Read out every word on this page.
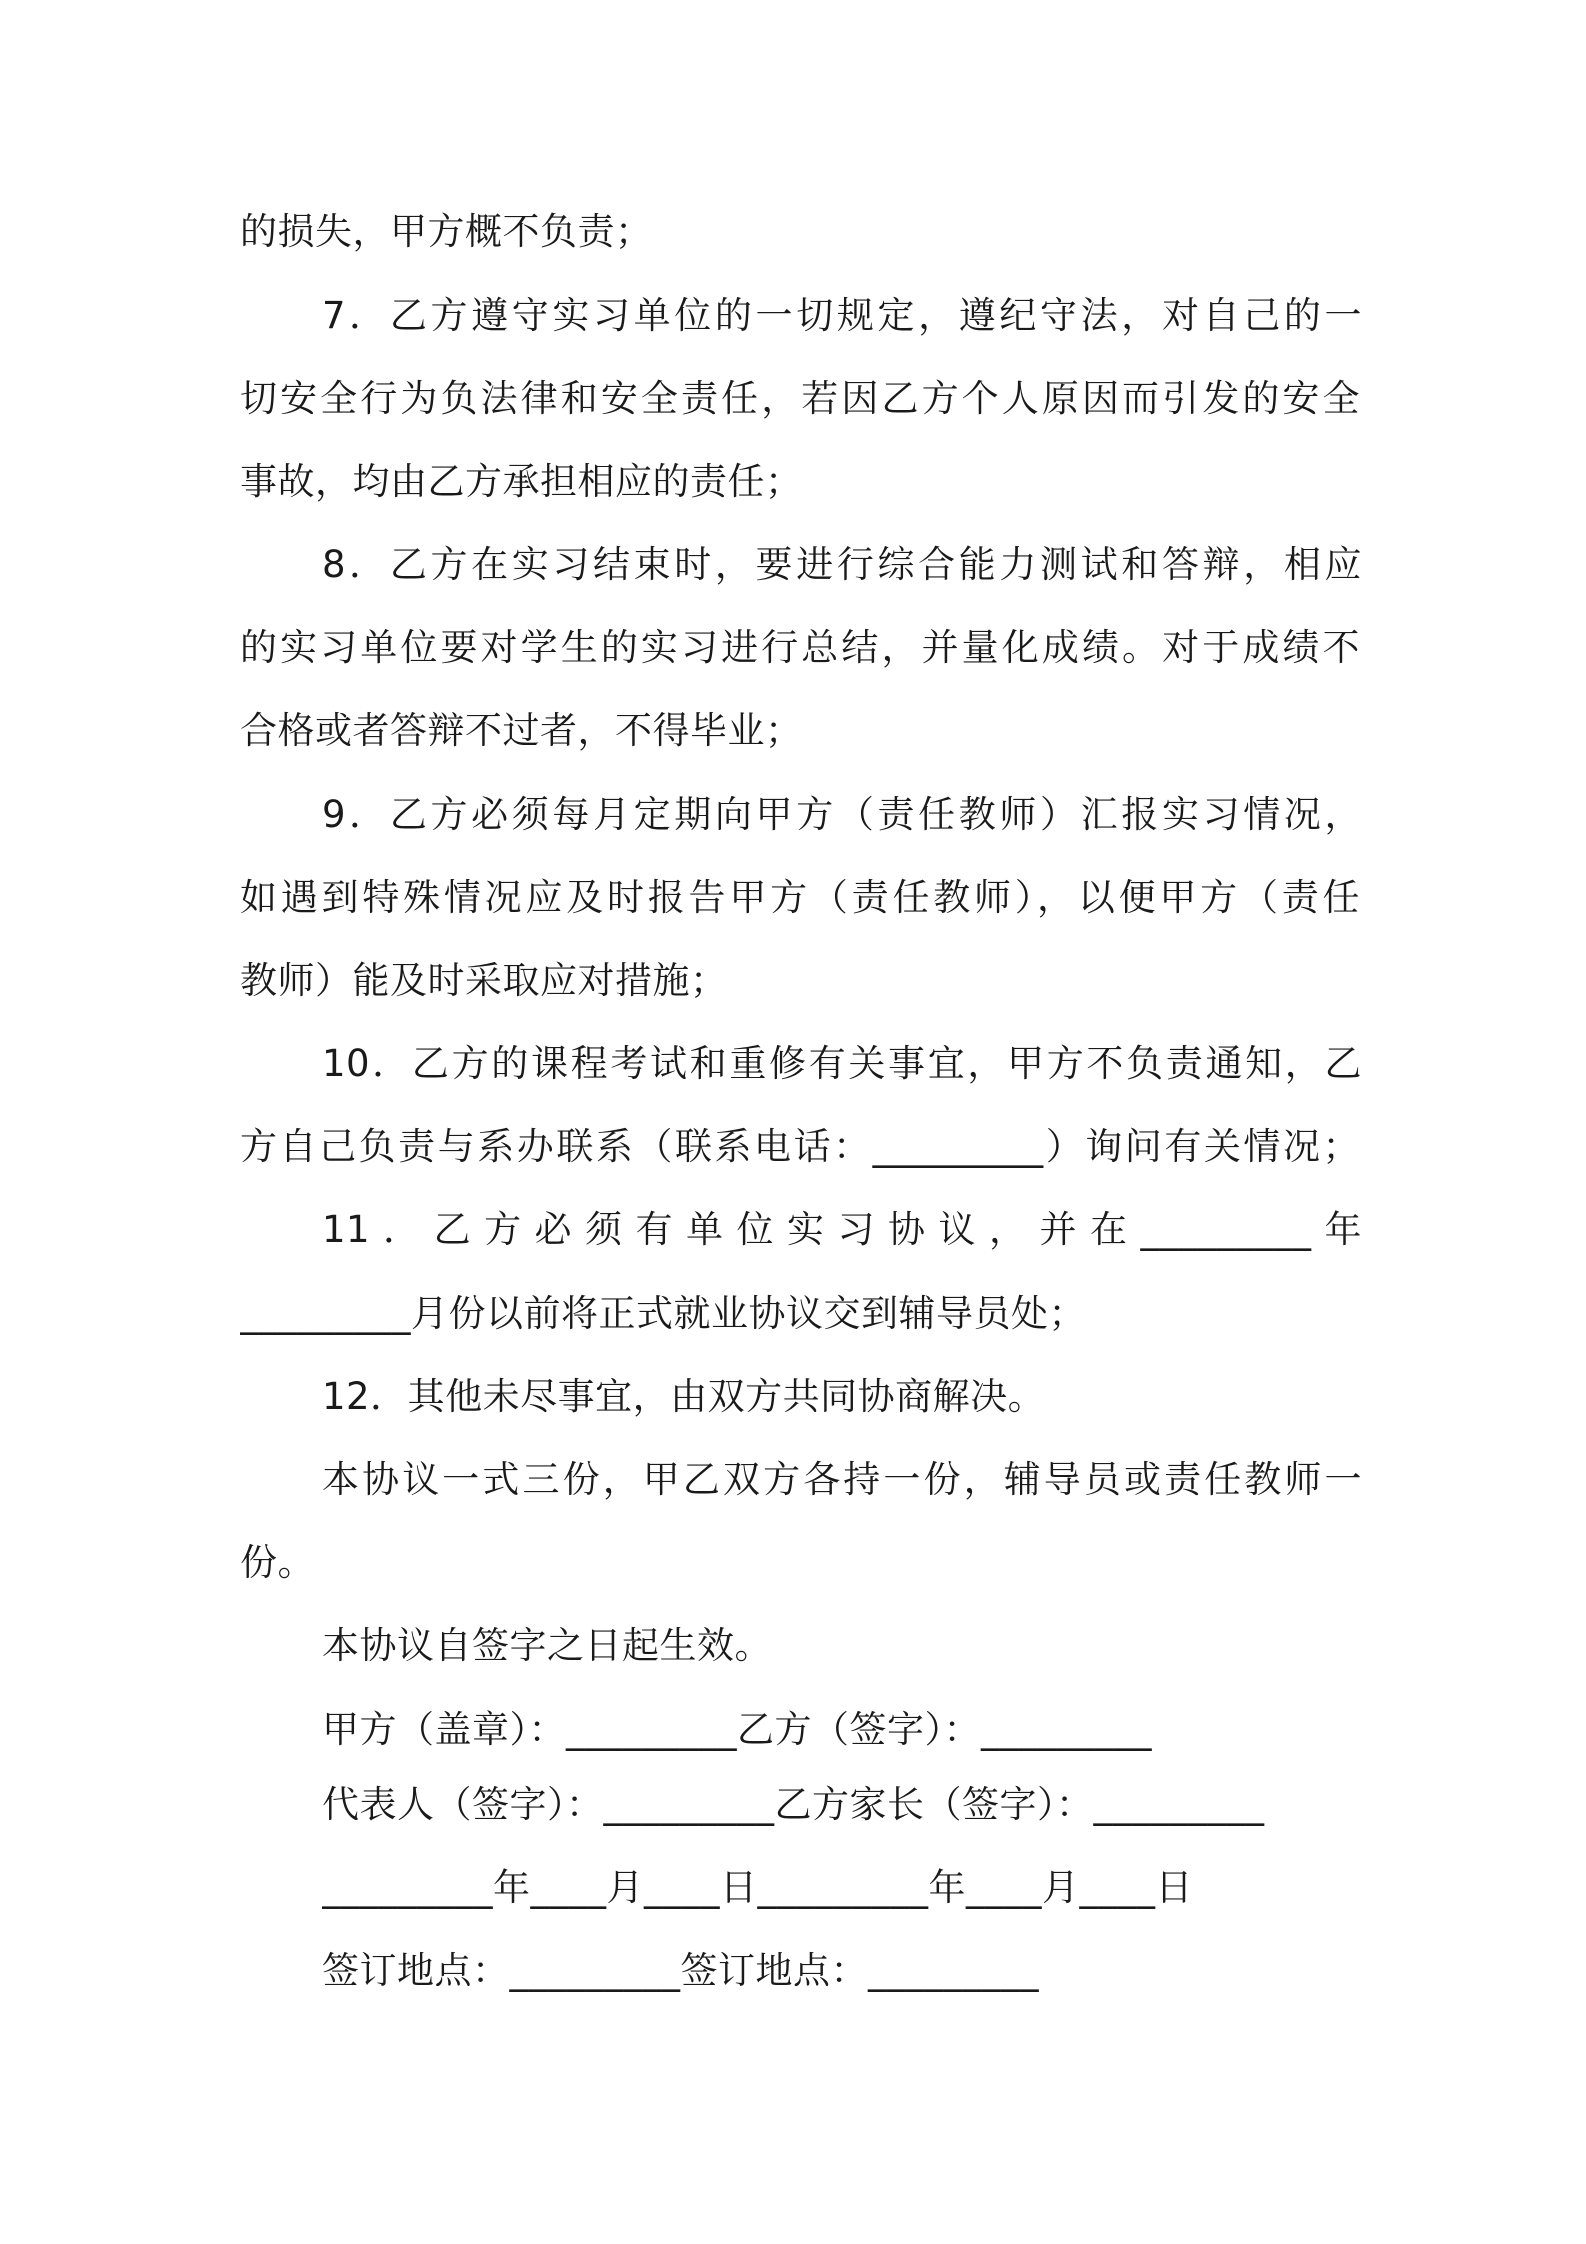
的损失，甲方概不负责；
7．乙方遵守实习单位的一切规定，遵纪守法，对自己的一
切安全行为负法律和安全责任，若因乙方个人原因而引发的安全
事故，均由乙方承担相应的责任；
8．乙方在实习结束时，要进行综合能力测试和答辩，相应
的实习单位要对学生的实习进行总结，并量化成绩。对于成绩不
合格或者答辩不过者，不得毕业；
9．乙方必须每月定期向甲方（责任教师）汇报实习情况，
如遇到特殊情况应及时报告甲方（责任教师），以便甲方（责任
教师）能及时采取应对措施；
10．乙方的课程考试和重修有关事宜，甲方不负责通知，乙
方自己负责与系办联系（联系电话：_________）询问有关情况；
11．乙方必须有单位实习协议，并在_________年
_________月份以前将正式就业协议交到辅导员处；
12．其他未尽事宜，由双方共同协商解决。
本协议一式三份，甲乙双方各持一份，辅导员或责任教师一
份。
本协议自签字之日起生效。
甲方（盖章）：_________乙方（签字）：_________
代表人（签字）：_________乙方家长（签字）：_________
_________年____月____日_________年____月____日
签订地点：_________签订地点：_________
